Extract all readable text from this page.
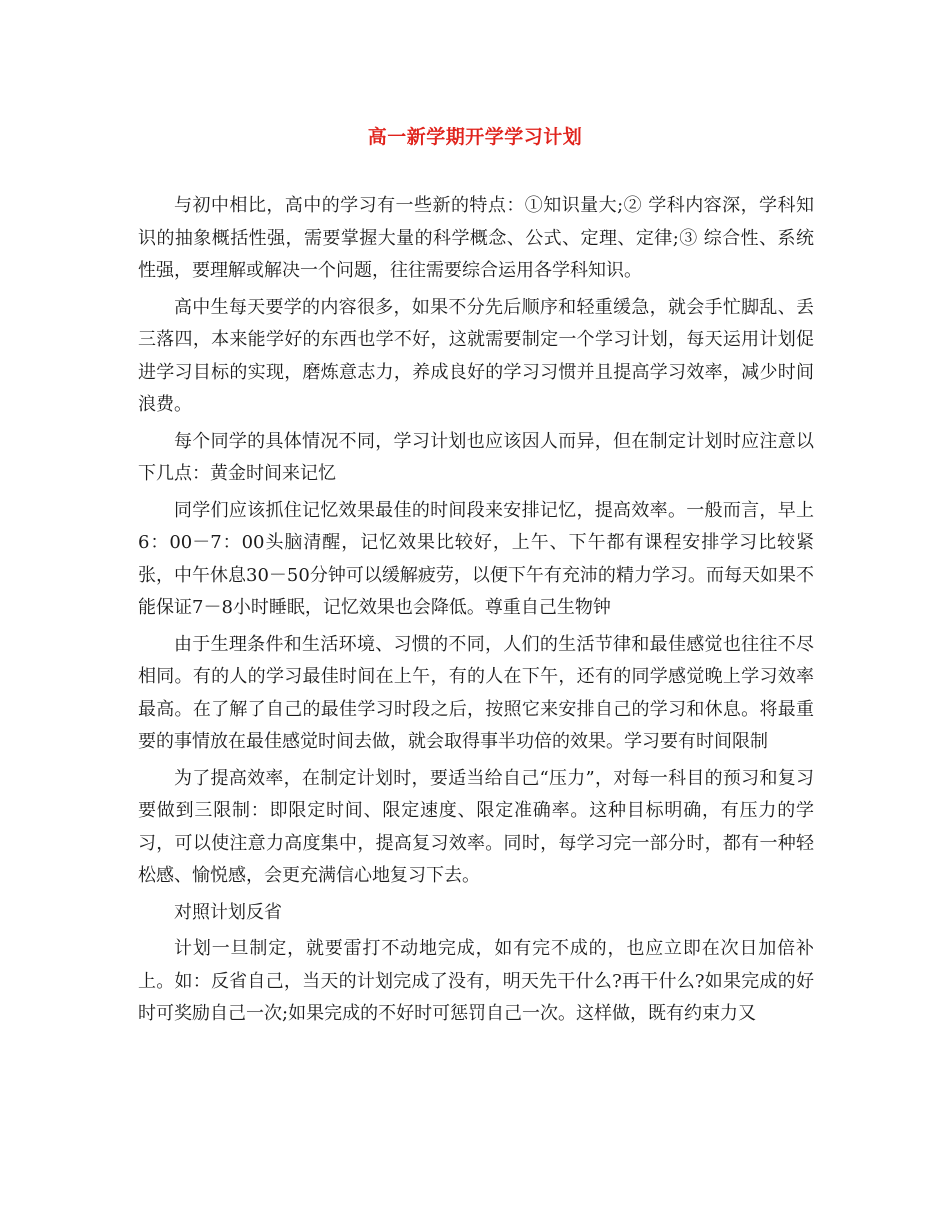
高一新学期开学学习计划

与初中相比，高中的学习有一些新的特点：①知识量大;② 学科内容深，学科知识的抽象概括性强，需要掌握大量的科学概念、公式、定理、定律;③ 综合性、系统性强，要理解或解决一个问题，往往需要综合运用各学科知识。

高中生每天要学的内容很多，如果不分先后顺序和轻重缓急，就会手忙脚乱、丢三落四，本来能学好的东西也学不好，这就需要制定一个学习计划，每天运用计划促进学习目标的实现，磨炼意志力，养成良好的学习习惯并且提高学习效率，减少时间浪费。

每个同学的具体情况不同，学习计划也应该因人而异，但在制定计划时应注意以下几点：黄金时间来记忆

同学们应该抓住记忆效果最佳的时间段来安排记忆，提高效率。一般而言，早上6：00－7：00头脑清醒，记忆效果比较好，上午、下午都有课程安排学习比较紧张，中午休息30－50分钟可以缓解疲劳，以便下午有充沛的精力学习。而每天如果不能保证7－8小时睡眠，记忆效果也会降低。尊重自己生物钟

由于生理条件和生活环境、习惯的不同，人们的生活节律和最佳感觉也往往不尽相同。有的人的学习最佳时间在上午，有的人在下午，还有的同学感觉晚上学习效率最高。在了解了自己的最佳学习时段之后，按照它来安排自己的学习和休息。将最重要的事情放在最佳感觉时间去做，就会取得事半功倍的效果。学习要有时间限制

为了提高效率，在制定计划时，要适当给自己“压力”，对每一科目的预习和复习要做到三限制：即限定时间、限定速度、限定准确率。这种目标明确，有压力的学习，可以使注意力高度集中，提高复习效率。同时，每学习完一部分时，都有一种轻松感、愉悦感，会更充满信心地复习下去。

对照计划反省

计划一旦制定，就要雷打不动地完成，如有完不成的，也应立即在次日加倍补上。如：反省自己，当天的计划完成了没有，明天先干什么?再干什么?如果完成的好时可奖励自己一次;如果完成的不好时可惩罚自己一次。这样做，既有约束力又
